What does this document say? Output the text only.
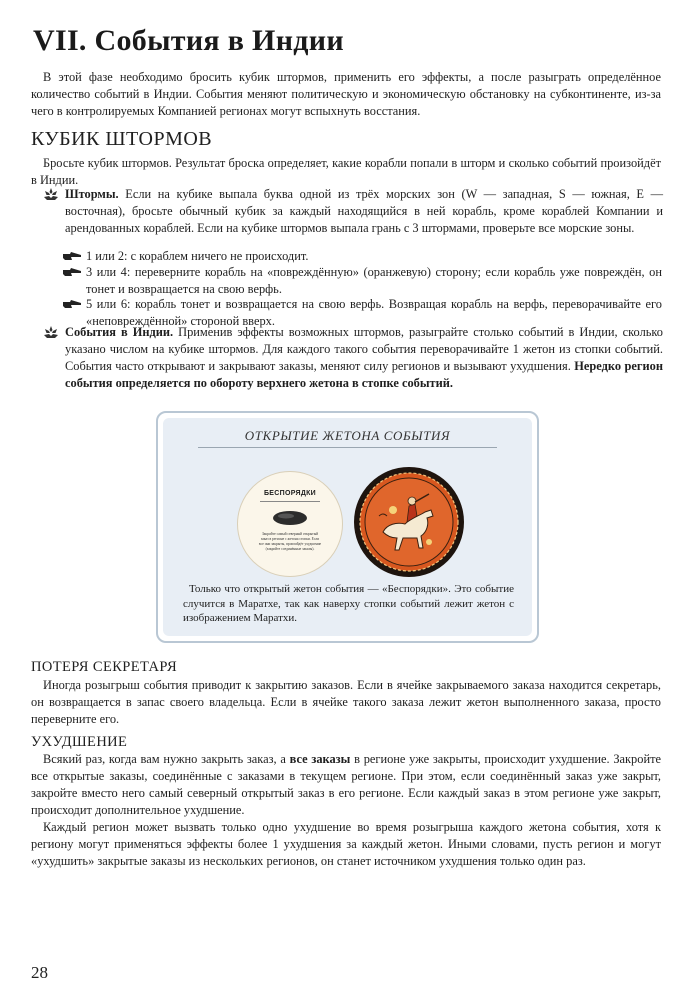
VII. События в Индии

В этой фазе необходимо бросить кубик штормов, применить его эффекты, а после разыграть определённое количество событий в Индии. События меняют политическую и экономическую обстановку на субконтиненте, из-за чего в контролируемых Компанией регионах могут вспыхнуть восстания.

КУБИК ШТОРМОВ

Бросьте кубик штормов. Результат броска определяет, какие корабли попали в шторм и сколько событий произойдёт в Индии.

Штормы. Если на кубике выпала буква одной из трёх морских зон (W — западная, S — южная, E — восточная), бросьте обычный кубик за каждый находящийся в ней корабль, кроме кораблей Компании и арендованных кораблей. Если на кубике штормов выпала грань с 3 штормами, проверьте все морские зоны.
1 или 2: с кораблем ничего не происходит.
3 или 4: переверните корабль на «повреждённую» (оранжевую) сторону; если корабль уже повреждён, он тонет и возвращается на свою верфь.
5 или 6: корабль тонет и возвращается на свою верфь. Возвращая корабль на верфь, переворачивайте его «неповреждённой» стороной вверх.
События в Индии. Применив эффекты возможных штормов, разыграйте столько событий в Индии, сколько указано числом на кубике штормов. Для каждого такого события переворачивайте 1 жетон из стопки событий. События часто открывают и закрывают заказы, меняют силу регионов и вызывают ухудшения. Нередко регион события определяется по обороту верхнего жетона в стопке событий.
ОТКРЫТИЕ ЖЕТОНА СОБЫТИЯ
БЕСПОРЯДКИ
Закройте самый северный открытый заказ в регионе с жетона стопки. Если все они закрыты, произойдёт ухудшение (закройте соединённые заказы).

Только что открытый жетон события — «Беспорядки». Это событие случится в Маратхе, так как наверху стопки событий лежит жетон с изображением Маратхи.

ПОТЕРЯ СЕКРЕТАРЯ

Иногда розыгрыш события приводит к закрытию заказов. Если в ячейке закрываемого заказа находится секретарь, он возвращается в запас своего владельца. Если в ячейке такого заказа лежит жетон выполненного заказа, просто переверните его.

УХУДШЕНИЕ

Всякий раз, когда вам нужно закрыть заказ, а все заказы в регионе уже закрыты, происходит ухудшение. Закройте все открытые заказы, соединённые с заказами в текущем регионе. При этом, если соединённый заказ уже закрыт, закройте вместо него самый северный открытый заказ в его регионе. Если каждый заказ в этом регионе уже закрыт, происходит дополнительное ухудшение.

Каждый регион может вызвать только одно ухудшение во время розыгрыша каждого жетона события, хотя к региону могут применяться эффекты более 1 ухудшения за каждый жетон. Иными словами, пусть регион и могут «ухудшить» закрытые заказы из нескольких регионов, он станет источником ухудшения только один раз.

28
